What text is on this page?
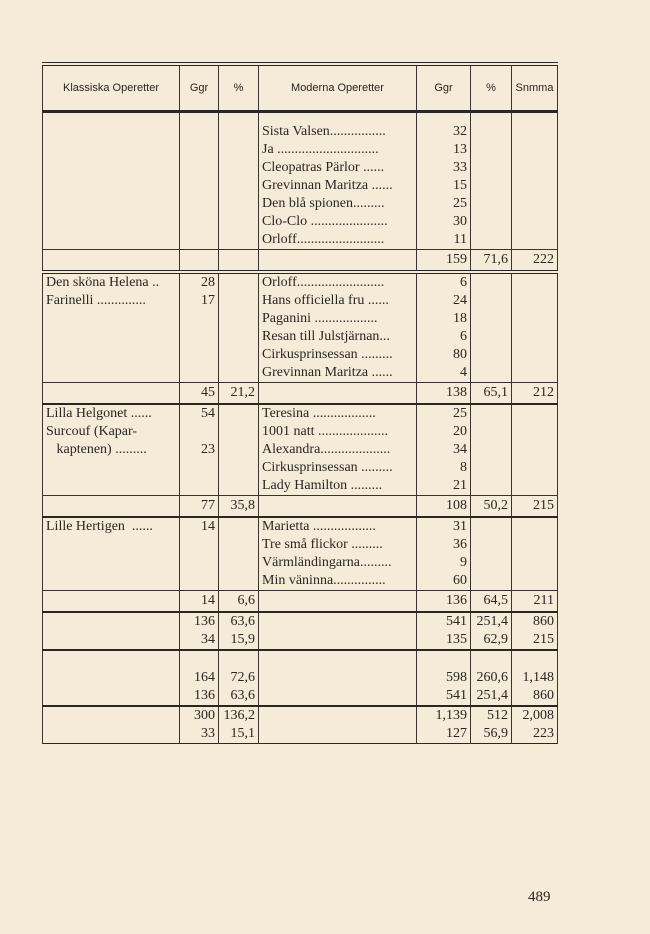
Klassiska Operetter	Ggr	%	Moderna Operetter	Ggr	%	Snmma

			Sista Valsen................	32		
			Ja .............................	13		
			Cleopatras Pärlor ......	33		
			Grevinnan Maritza ......	15		
			Den blå spionen.........	25		
			Clo-Clo ......................	30		
			Orloff.........................	11		
				159	71,6	222
Den sköna Helena ..	28		Orloff.........................	6		
Farinelli ..............	17		Hans officiella fru ......	24		
			Paganini ..................	18		
			Resan till Julstjärnan...	6		
			Cirkusprinsessan .........	80		
			Grevinnan Maritza ......	4		
	45	21,2		138	65,1	212
Lilla Helgonet ......	54		Teresina ..................	25		
Surcouf (Kapar-			1001 natt ....................	20		
kaptenen) .........	23		Alexandra....................	34		
			Cirkusprinsessan .........	8		
			Lady Hamilton .........	21		
	77	35,8		108	50,2	215
Lille Hertigen  ......	14		Marietta ..................	31		
			Tre små flickor .........	36		
			Värmländingarna.........	9		
			Min väninna...............	60		
	14	6,6		136	64,5	211
	136	63,6		541	251,4	860
	34	15,9		135	62,9	215

	164	72,6		598	260,6	1,148
	136	63,6		541	251,4	860
	300	136,2		1,139	512	2,008
	33	15,1		127	56,9	223
489
